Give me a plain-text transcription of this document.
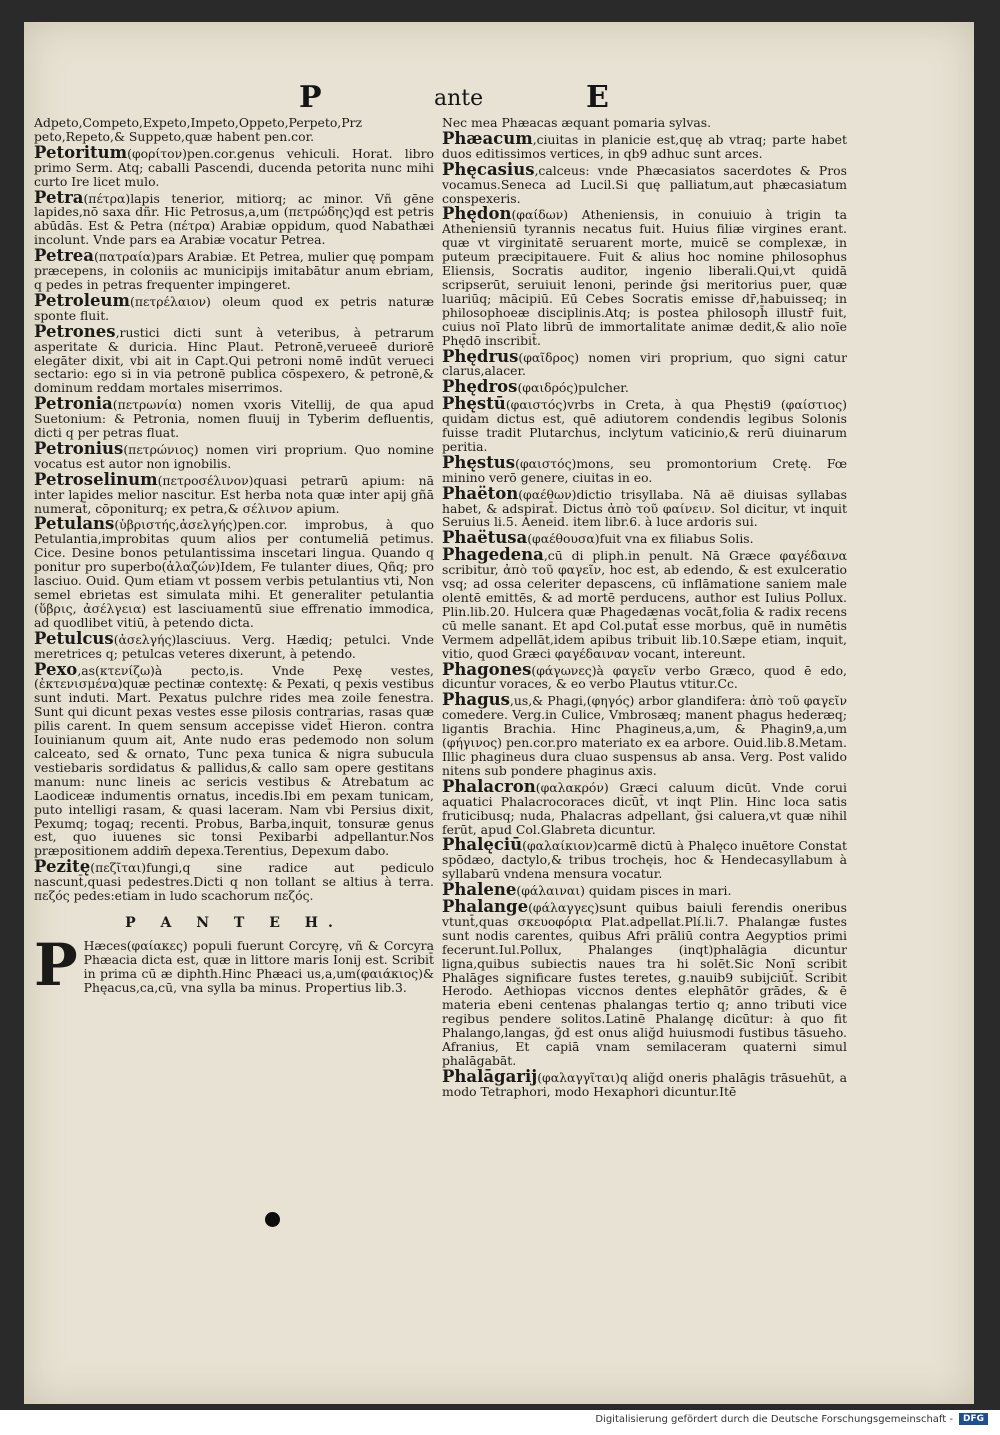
P	ante	E
Adpeto,Competo,Expeto,Impeto,Oppeto,Perpeto,Prz peto,Repeto,& Suppeto,quæ habent pen.cor.
Petoritum(φορίτον)pen.cor.genus vehiculi. Horat. libro primo Serm. Atq; caballi Pascendi, ducenda petorita nunc mihi curto Ire licet mulo.
Petra(πέτρα)lapis tenerior, mitiorq; ac minor. Vñ gēne lapides,nō saxa dñr. Hic Petrosus,a,um (πετρώδης)qd est petris abūdās. Est & Petra (πέτρα) Arabiæ oppidum, quod Nabathæi incolunt. Vnde pars ea Arabiæ vocatur Petrea.
Petrea(πατραία)pars Arabiæ. Et Petrea, mulier quę pompam præcepens, in coloniis ac municipijs imitabātur anum ebriam, q pedes in petras frequenter impingeret.
Petroleum(πετρέλαιον) oleum quod ex petris naturæ sponte fluit.
Petrones,rustici dicti sunt à veteribus, à petrarum asperitate & duricia. Hinc Plaut. Petronē,verueeē duriorē elegāter dixit, vbi ait in Capt.Qui petroni nomē indūt verueci sectario: ego si in via petronē publica cōspexero, & petronē,& dominum reddam mortales miserrimos.
Petronia(πετρωνία) nomen vxoris Vitellij, de qua apud Suetonium: & Petronia, nomen fluuij in Tyberim defluentis, dicti q per petras fluat.
Petronius(πετρώνιος) nomen viri proprium. Quo nomine vocatus est autor non ignobilis.
Petroselinum(πετροσέλινον)quasi petrarū apium: nā inter lapides melior nascitur. Est herba nota quæ inter apij gñā numerat̄, cōponiturq; ex petra,& σέλινον apium.
Petulans(ὑβριστής,ἀσελγής)pen.cor. improbus, à quo Petulantia,improbitas quum alios per contumeliā petimus. Cice. Desine bonos petulantissima inscetari lingua. Quando q ponitur pro superbo(ἀλαζών)Idem, Fe tulanter diues, Qñq; pro lasciuo. Ouid. Qum etiam vt possem verbis petulantius vti, Non semel ebrietas est simulata mihi. Et generaliter petulantia (ὕβρις, ἀσέλγεια) est lasciuamentū siue effrenatio immodica, ad quodlibet vitiū, à petendo dicta.
Petulcus(ἀσελγής)lasciuus. Verg. Hædiq; petulci. Vnde meretrices q; petulcas veteres dixerunt, à petendo.
Pexo,as(κτενίζω)à pecto,is. Vnde Pexę vestes,(ἐκτενισμένα)quæ pectinæ contextę: & Pexati, q pexis vestibus sunt induti. Mart. Pexatus pulchre rides mea zoile fenestra. Sunt qui dicunt pexas vestes esse pilosis contrarias, rasas quæ pilis carent. In quem sensum accepisse videt̄ Hieron. contra Iouinianum quum ait, Ante nudo eras pedemodo non solum calceato, sed & ornato, Tunc pexa tunica & nigra subucula vestiebaris sordidatus & pallidus,& callo sam opere gestitans manum: nunc lineis ac sericis vestibus & Atrebatum ac Laodiceæ indumentis ornatus, incedis.Ibi em pexam tunicam, puto intelligi rasam, & quasi laceram. Nam vbi Persius dixit, Pexumq; togaq; recenti. Probus, Barba,inquit, tonsuræ genus est, quo iuuenes sic tonsi Pexibarbi adpellantur.Nos præpositionem addim̄ depexa.Terentius, Depexum dabo.
Pezitę(πεζῖται)fungi,q sine radice aut pediculo nascunt̄,quasi pedestres.Dicti q non tollant se altius à terra. πεζός pedes:etiam in ludo scachorum πεζός.
P A N T E H.
P Hæces(φαίακες) populi fuerunt Corcyrę, vñ & Corcyra Phæacia dicta est, quæ in littore maris Ionij est. Scribit̄ in prima cū æ diphth.Hinc Phæaci us,a,um(φαιάκιος)& Phęacus,ca,cū, vna sylla ba minus. Propertius lib.3.
Nec mea Phæacas æquant pomaria sylvas.
Phæacum,ciuitas in planicie est,quę ab vtraq; parte habet duos editissimos vertices, in qb9 adhuc sunt arces.
Phęcasius,calceus: vnde Phæcasiatos sacerdotes & Pros vocamus.Seneca ad Lucil.Si quę palliatum,aut phæcasiatum conspexeris.
Phędon(φαίδων) Atheniensis, in conuiuio à trigin ta Atheniensiū tyrannis necatus fuit. Huius filiæ virgines erant. quæ vt virginitatē seruarent morte, muicē se complexæ, in puteum præcipitauere. Fuit & alius hoc nomine philosophus Eliensis, Socratis auditor, ingenio liberali.Qui,vt quidā scripserūt, seruiuit lenoni, perinde ğsi meritorius puer, quæ luariūq; mācipiū. Eū Cebes Socratis emisse dr̄,habuisseq; in philosophoeæ disciplinis.Atq; is postea philosoph̄ illustr̄ fuit, cuius noī Plato librū de immortalitate animæ dedit,& alio noīe Phędō inscribit̄.
Phędrus(φαῖδρος) nomen viri proprium, quo signi catur clarus,alacer.
Phędros(φαιδρός)pulcher.
Phęstū(φαιστός)vrbs in Creta, à qua Phęsti9 (φαίστιος) quidam dictus est, quē adiutorem condendis legibus Solonis fuisse tradit Plutarchus, inclytum vaticinio,& rerū diuinarum peritia.
Phęstus(φαιστός)mons, seu promontorium Cretę. Fœ minino verō genere, ciuitas in eo.
Phaëton(φαέθων)dictio trisyllaba. Nā aë diuisas syllabas habet, & adspirat̄. Dictus ἀπὸ τοῦ φαίνειν. Sol dicitur, vt inquit Seruius li.5. Aeneid. item libr.6. à luce ardoris sui.
Phaëtusa(φαέθουσα)fuit vna ex filiabus Solis.
Phagedena,cū di pliph.in penult. Nā Græce φαγέδαινα scribitur, ἀπὸ τοῦ φαγεῖν, hoc est, ab edendo, & est exulceratio vsq; ad ossa celeriter depascens, cū inflāmatione saniem male olentē emittēs, & ad mortē perducens, author est Iulius Pollux. Plin.lib.20. Hulcera quæ Phagedænas vocāt,folia & radix recens cū melle sanant. Et apd Col.putat̄ esse morbus, quē in numētis Vermem adpellāt,idem apibus tribuit lib.10.Sæpe etiam, inquit, vitio, quod Græci φαγέδαιναν vocant, intereunt.
Phagones(φάγωνες)à φαγεῖν verbo Græco, quod ē edo, dicuntur voraces, & eo verbo Plautus vtitur.Cc.
Phagus,us,& Phagi,(φηγός) arbor glandifera: ἀπὸ τοῦ φαγεῖν comedere. Verg.in Culice, Vmbrosæq; manent phagus hederæq; ligantis Brachia. Hinc Phagineus,a,um, & Phagin9,a,um (φήγινος) pen.cor.pro materiato ex ea arbore. Ouid.lib.8.Metam. Illic phagineus dura cluao suspensus ab ansa. Verg. Post valido nitens sub pondere phaginus axis.
Phalacron(φαλακρόν) Græci caluum dicūt. Vnde corui aquatici Phalacrocoraces dicūt̄, vt inqt Plin. Hinc loca satis fruticibusq; nuda, Phalacras adpellant, ğsi caluera,vt quæ nihil ferūt, apud Col.Glabreta dicuntur.
Phalęciū(φαλαίκιον)carmē dictū à Phalęco inuētore Constat spōdæo, dactylo,& tribus trochęis, hoc & Hendecasyllabum à syllabarū vndena mensura vocatur.
Phalene(φάλαιναι) quidam pisces in mari.
Phalange(φάλαγγες)sunt quibus baiuli ferendis oneribus vtunt̄,quas σκευοφόρια Plat.adpellat.Plí.li.7. Phalangæ fustes sunt nodis carentes, quibus Afri prāliū contra Aegyptios primi fecerunt.Iul.Pollux, Phalanges (inqt)phalāgia dicuntur ligna,quibus subiectis naues tra hi solēt.Sic Nonī scribit Phalāges significare fustes teretes, g.nauib9 subijciūt̄. Scribit Herodo. Aethiopas viccnos dentes elephātōr grādes, & ē materia ebeni centenas phalangas tertio q; anno tributi vice regibus pendere solitos.Latinē Phalangę dicūtur: à quo fit Phalango,langas, ğd est onus aliğd huiusmodi fustibus tāsueho. Afranius, Et capiā vnam semilaceram quaterni simul phalāgabāt.
Phalāgarij(φαλαγγῖται)q aliğd oneris phalāgis trāsuehūt, a modo Tetraphori, modo Hexaphori dicuntur.Itē
Digitalisierung gefördert durch die Deutsche Forschungsgemeinschaft -	DFG
